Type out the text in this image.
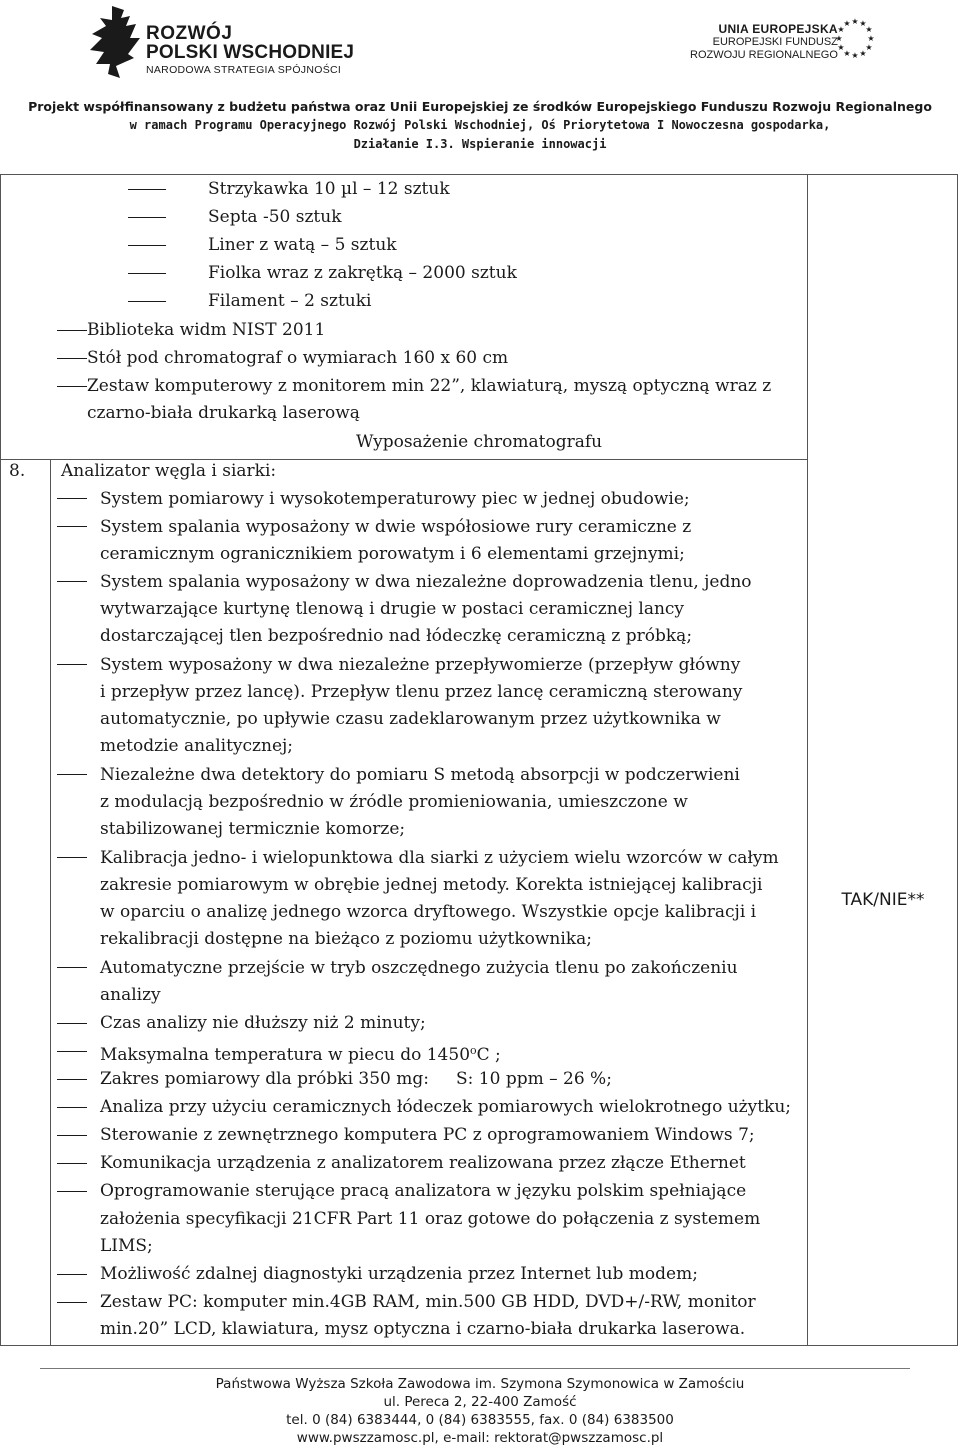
ROZWÓJ
POLSKI WSCHODNIEJ
NARODOWA STRATEGIA SPÓJNOŚCI
UNIA EUROPEJSKA
EUROPEJSKI FUNDUSZ
ROZWOJU REGIONALNEGO
★ ★
★
★
★
★
★
★
★
★
★
★
Projekt współfinansowany z budżetu państwa oraz Unii Europejskiej ze środków Europejskiego Funduszu Rozwoju Regionalnego
w ramach Programu Operacyjnego Rozwój Polski Wschodniej, Oś Priorytetowa I Nowoczesna gospodarka,
Działanie I.3. Wspieranie innowacji
Strzykawka 10 µl – 12 sztuk
Septa -50 sztuk
Liner z watą – 5 sztuk
Fiolka wraz z zakrętką – 2000 sztuk
Filament – 2 sztuki
Biblioteka widm NIST 2011
Stół pod chromatograf o wymiarach 160 x 60 cm
Zestaw komputerowy z monitorem min 22”, klawiaturą, myszą optyczną wraz z
czarno-biała drukarką laserową
Wyposażenie chromatografu
8. Analizator węgla i siarki:
System pomiarowy i wysokotemperaturowy piec w jednej obudowie;
System spalania wyposażony w dwie współosiowe rury ceramiczne z
ceramicznym ogranicznikiem porowatym i 6 elementami grzejnymi;
System spalania wyposażony w dwa niezależne doprowadzenia tlenu, jedno
wytwarzające kurtynę tlenową i drugie w postaci ceramicznej lancy
dostarczającej tlen bezpośrednio nad łódeczkę ceramiczną z próbką;
System wyposażony w dwa niezależne przepływomierze (przepływ główny
i przepływ przez lancę). Przepływ tlenu przez lancę ceramiczną sterowany
automatycznie, po upływie czasu zadeklarowanym przez użytkownika w
metodzie analitycznej;
Niezależne dwa detektory do pomiaru S metodą absorpcji w podczerwieni
z modulacją bezpośrednio w źródle promieniowania, umieszczone w
stabilizowanej termicznie komorze;
Kalibracja jedno- i wielopunktowa dla siarki z użyciem wielu wzorców w całym
zakresie pomiarowym w obrębie jednej metody. Korekta istniejącej kalibracji
w oparciu o analizę jednego wzorca dryftowego. Wszystkie opcje kalibracji i
rekalibracji dostępne na bieżąco z poziomu użytkownika;
Automatyczne przejście w tryb oszczędnego zużycia tlenu po zakończeniu
analizy
Czas analizy nie dłuższy niż 2 minuty;
Maksymalna temperatura w piecu do 1450$^o$C ;
Zakres pomiarowy dla próbki 350 mg:     S: 10 ppm – 26 %;
Analiza przy użyciu ceramicznych łódeczek pomiarowych wielokrotnego użytku;
Sterowanie z zewnętrznego komputera PC z oprogramowaniem Windows 7;
Komunikacja urządzenia z analizatorem realizowana przez złącze Ethernet
Oprogramowanie sterujące pracą analizatora w języku polskim spełniające
założenia specyfikacji 21CFR Part 11 oraz gotowe do połączenia z systemem
LIMS;
Możliwość zdalnej diagnostyki urządzenia przez Internet lub modem;
Zestaw PC: komputer min.4GB RAM, min.500 GB HDD, DVD+/-RW, monitor
min.20” LCD, klawiatura, mysz optyczna i czarno-biała drukarka laserowa.
TAK/NIE**
Państwowa Wyższa Szkoła Zawodowa im. Szymona Szymonowica w Zamościu
ul. Pereca 2, 22-400 Zamość
tel. 0 (84) 6383444, 0 (84) 6383555, fax. 0 (84) 6383500
www.pwszzamosc.pl, e-mail: rektorat@pwszzamosc.pl
